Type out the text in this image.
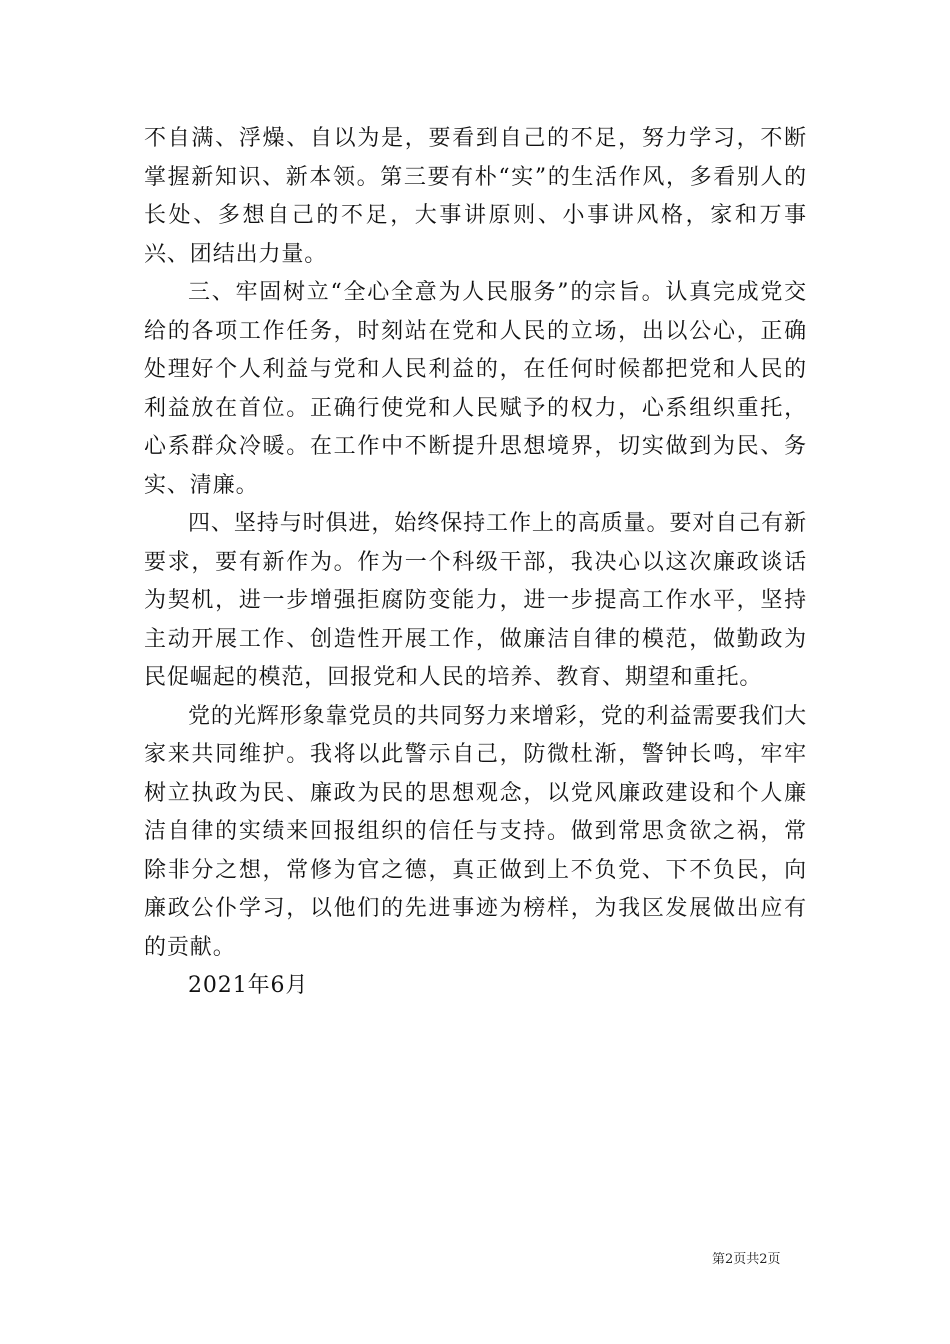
不自满、浮燥、自以为是，要看到自己的不足，努力学习，不断掌握新知识、新本领。第三要有朴“实”的生活作风，多看别人的长处、多想自己的不足，大事讲原则、小事讲风格，家和万事兴、团结出力量。

三、牢固树立“全心全意为人民服务”的宗旨。认真完成党交给的各项工作任务，时刻站在党和人民的立场，出以公心，正确处理好个人利益与党和人民利益的，在任何时候都把党和人民的利益放在首位。正确行使党和人民赋予的权力，心系组织重托，心系群众冷暖。在工作中不断提升思想境界，切实做到为民、务实、清廉。

四、坚持与时俱进，始终保持工作上的高质量。要对自己有新要求，要有新作为。作为一个科级干部，我决心以这次廉政谈话为契机，进一步增强拒腐防变能力，进一步提高工作水平，坚持主动开展工作、创造性开展工作，做廉洁自律的模范，做勤政为民促崛起的模范，回报党和人民的培养、教育、期望和重托。

党的光辉形象靠党员的共同努力来增彩，党的利益需要我们大家来共同维护。我将以此警示自己，防微杜渐，警钟长鸣，牢牢树立执政为民、廉政为民的思想观念，以党风廉政建设和个人廉洁自律的实绩来回报组织的信任与支持。做到常思贪欲之祸，常除非分之想，常修为官之德，真正做到上不负党、下不负民，向廉政公仆学习，以他们的先进事迹为榜样，为我区发展做出应有的贡献。

2021年6月

第2页共2页
